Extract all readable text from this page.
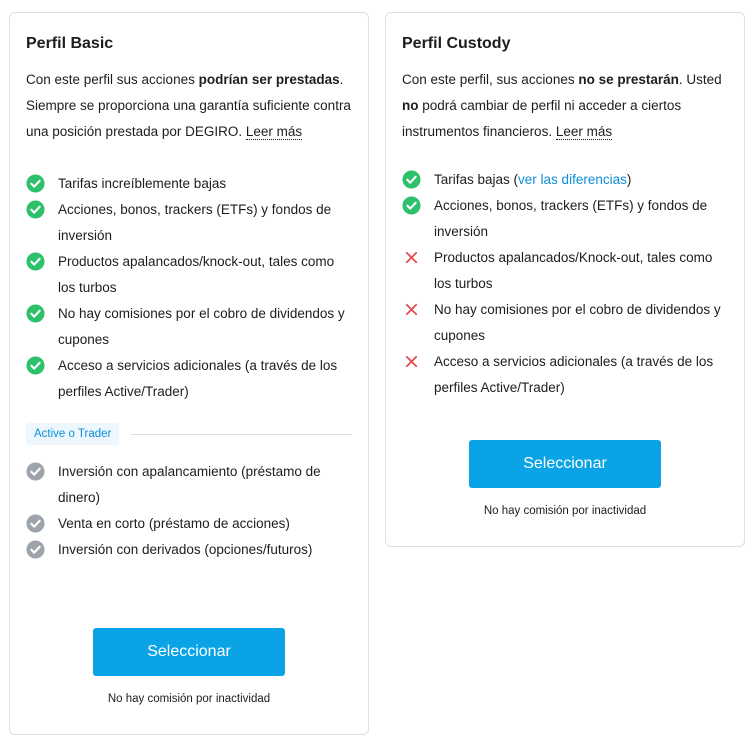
Perfil Basic

Con este perfil sus acciones podrían ser prestadas. Siempre se proporciona una garantía suficiente contra una posición prestada por DEGIRO. Leer más

Tarifas increíblemente bajas
Acciones, bonos, trackers (ETFs) y fondos de inversión
Productos apalancados/knock-out, tales como los turbos
No hay comisiones por el cobro de dividendos y cupones
Acceso a servicios adicionales (a través de los perfiles Active/Trader)
Active o Trader
Inversión con apalancamiento (préstamo de dinero)
Venta en corto (préstamo de acciones)
Inversión con derivados (opciones/futuros)
Seleccionar

No hay comisión por inactividad

Perfil Custody

Con este perfil, sus acciones no se prestarán. Usted no podrá cambiar de perfil ni acceder a ciertos instrumentos financieros. Leer más

Tarifas bajas (ver las diferencias)
Acciones, bonos, trackers (ETFs) y fondos de inversión
Productos apalancados/Knock-out, tales como los turbos
No hay comisiones por el cobro de dividendos y cupones
Acceso a servicios adicionales (a través de los perfiles Active/Trader)
Seleccionar

No hay comisión por inactividad
